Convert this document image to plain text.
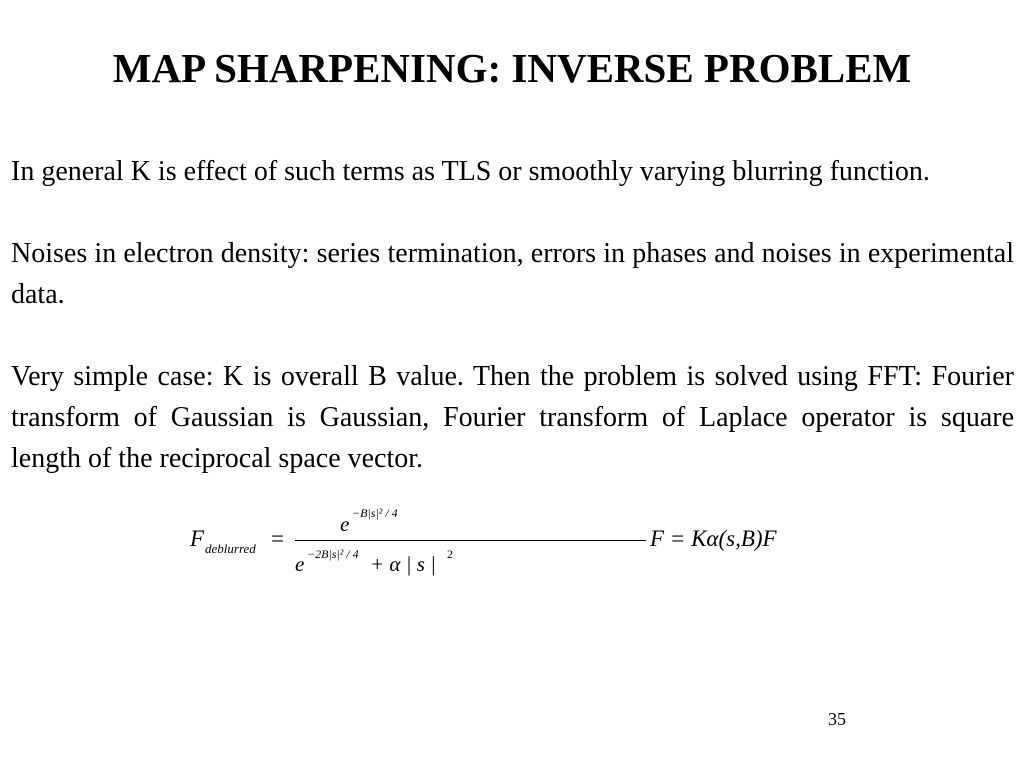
MAP SHARPENING: INVERSE PROBLEM
In general K is effect of such terms as TLS or smoothly varying blurring function.
Noises in electron density: series termination, errors in phases and noises in experimental data.
Very simple case: K is overall B value. Then the problem is solved using FFT: Fourier transform of Gaussian is Gaussian, Fourier transform of Laplace operator is square length of the reciprocal space vector.
F deblurred =
e −B|s|² / 4
e −2B|s|² / 4 + α | s | 2
F = Kα(s,B)F
35
